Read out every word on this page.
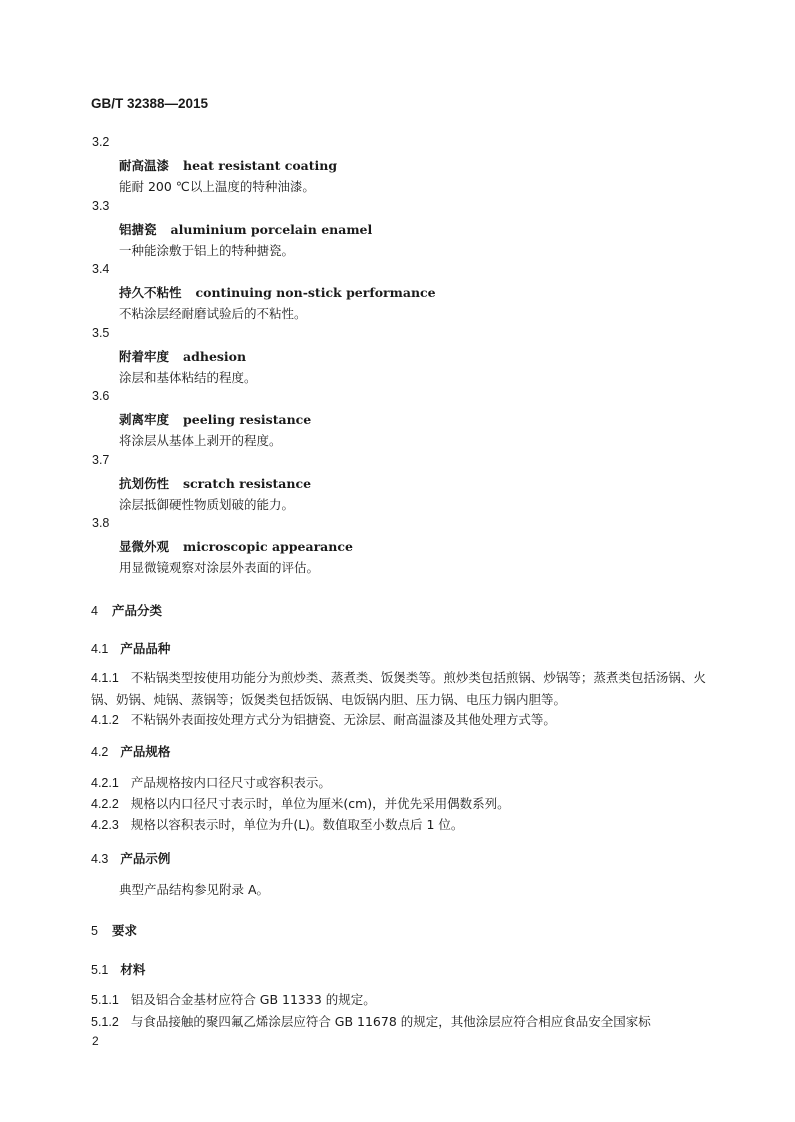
GB/T 32388—2015
3.2
耐高温漆 heat resistant coating
能耐 200 ℃以上温度的特种油漆。
3.3
铝搪瓷 aluminium porcelain enamel
一种能涂敷于铝上的特种搪瓷。
3.4
持久不粘性 continuing non-stick performance
不粘涂层经耐磨试验后的不粘性。
3.5
附着牢度 adhesion
涂层和基体粘结的程度。
3.6
剥离牢度 peeling resistance
将涂层从基体上剥开的程度。
3.7
抗划伤性 scratch resistance
涂层抵御硬性物质划破的能力。
3.8
显微外观 microscopic appearance
用显微镜观察对涂层外表面的评估。
4 产品分类
4.1 产品品种
4.1.1 不粘锅类型按使用功能分为煎炒类、蒸煮类、饭煲类等。煎炒类包括煎锅、炒锅等；蒸煮类包括汤锅、火锅、奶锅、炖锅、蒸锅等；饭煲类包括饭锅、电饭锅内胆、压力锅、电压力锅内胆等。
4.1.2 不粘锅外表面按处理方式分为铝搪瓷、无涂层、耐高温漆及其他处理方式等。
4.2 产品规格
4.2.1 产品规格按内口径尺寸或容积表示。
4.2.2 规格以内口径尺寸表示时，单位为厘米(cm)，并优先采用偶数系列。
4.2.3 规格以容积表示时，单位为升(L)。数值取至小数点后 1 位。
4.3 产品示例
典型产品结构参见附录 A。
5 要求
5.1 材料
5.1.1 铝及铝合金基材应符合 GB 11333 的规定。
5.1.2 与食品接触的聚四氟乙烯涂层应符合 GB 11678 的规定，其他涂层应符合相应食品安全国家标
2
